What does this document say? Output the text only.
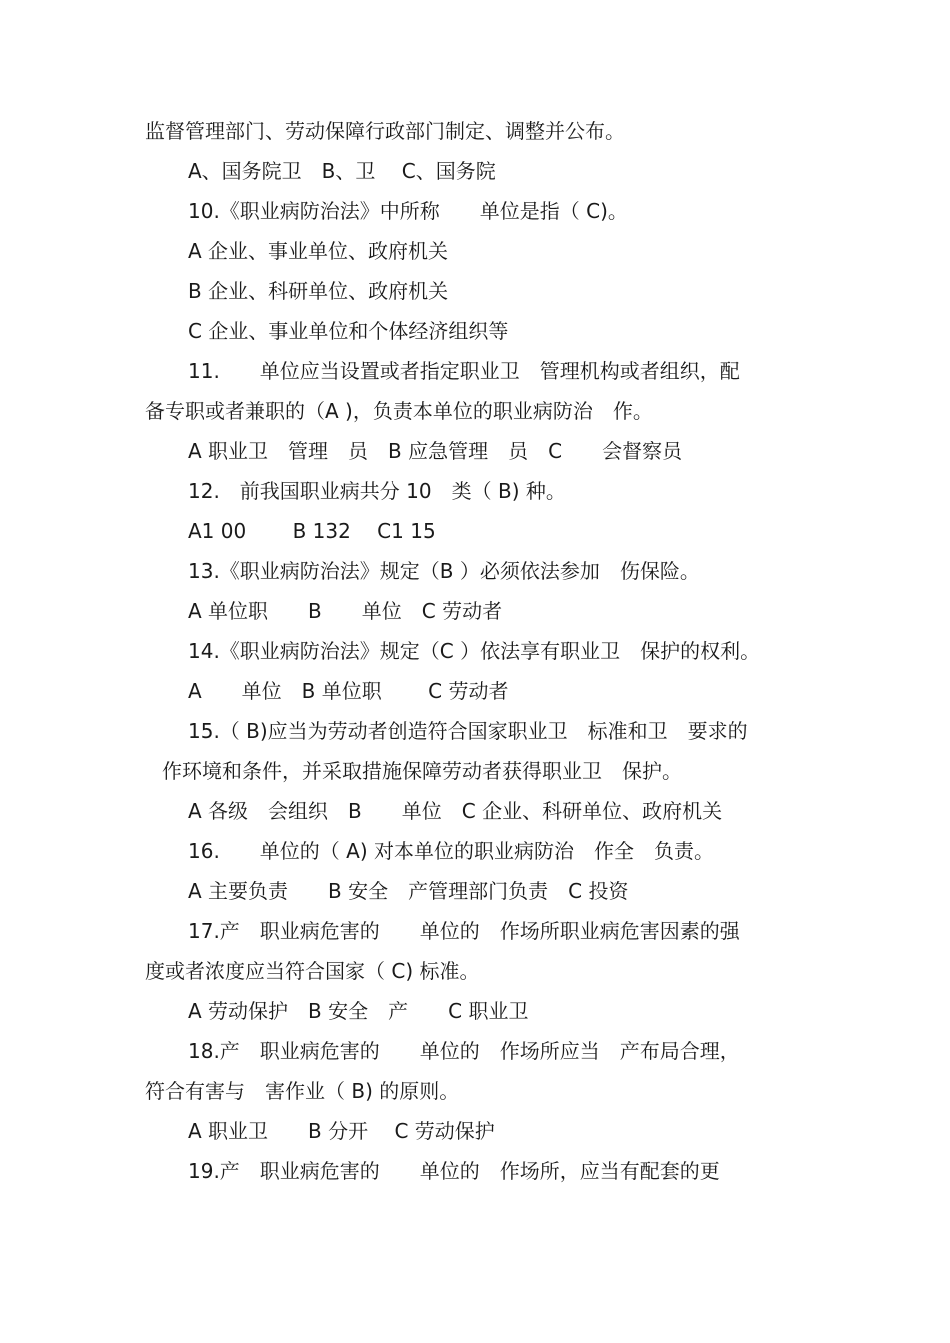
监督管理部门、劳动保障行政部门制定、调整并公布。
A、国务院卫　B、卫　 C、国务院
10.《职业病防治法》中所称　　单位是指（ C)。
A 企业、事业单位、政府机关
B 企业、科研单位、政府机关
C 企业、事业单位和个体经济组织等
11.　　单位应当设置或者指定职业卫　管理机构或者组织，配
备专职或者兼职的（A )，负责本单位的职业病防治　作。
A 职业卫　管理　员　B 应急管理　员　C　　会督察员
12.　前我国职业病共分 10　类（ B) 种。
A1 00　　 B 132　 C1 15
13.《职业病防治法》规定（B ）必须依法参加　伤保险。
A 单位职　　B　　单位　C 劳动者
14.《职业病防治法》规定（C ）依法享有职业卫　保护的权利。
A　　单位　B 单位职　　 C 劳动者
15.（ B)应当为劳动者创造符合国家职业卫　标准和卫　要求的
作环境和条件，并采取措施保障劳动者获得职业卫　保护。
A 各级　会组织　B　　单位　C 企业、科研单位、政府机关
16.　　单位的（ A) 对本单位的职业病防治　作全　负责。
A 主要负责　　B 安全　产管理部门负责　C 投资
17.产　职业病危害的　　单位的　作场所职业病危害因素的强
度或者浓度应当符合国家（ C) 标准。
A 劳动保护　B 安全　产　　C 职业卫
18.产　职业病危害的　　单位的　作场所应当　产布局合理，
符合有害与　害作业（ B) 的原则。
A 职业卫　　B 分开　 C 劳动保护
19.产　职业病危害的　　单位的　作场所，应当有配套的更
